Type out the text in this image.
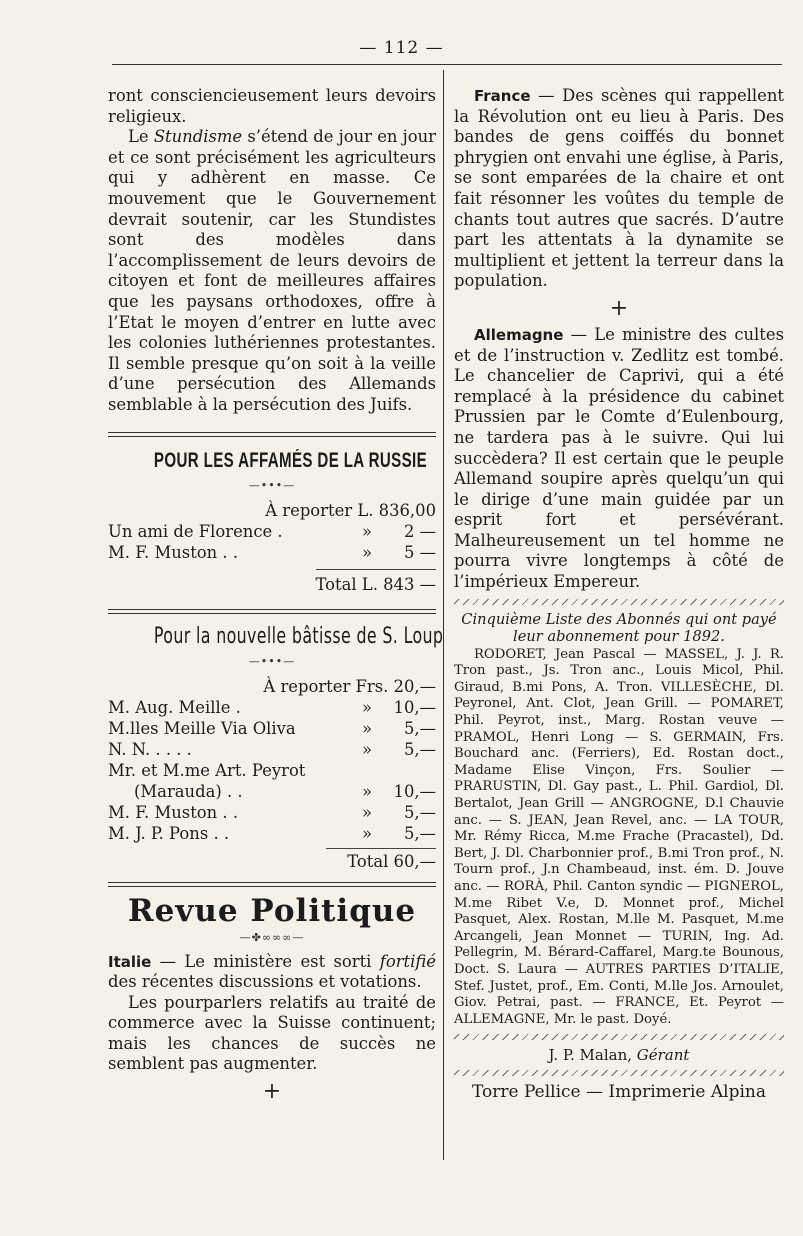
— 112 —

ront consciencieusement leurs devoirs religieux.

Le Stundisme s’étend de jour en jour et ce sont précisément les agriculteurs qui y adhèrent en masse. Ce mouvement que le Gouvernement devrait soutenir, car les Stundistes sont des modèles dans l’accomplissement de leurs devoirs de citoyen et font de meilleures affaires que les paysans orthodoxes, offre à l’Etat le moyen d’entrer en lutte avec les colonies luthériennes protestantes. Il semble presque qu’on soit à la veille d’une persécution des Allemands semblable à la persécution des Juifs.

POUR LES AFFAMÉS DE LA RUSSIE
—•••—
À reporter L. 836,00
Un ami de Florence .	»	2 —
M. F. Muston . .	»	5 —
Total L. 843 —
Pour la nouvelle bâtisse de S. Loup
—•••—
À reporter Frs. 20,—
M. Aug. Meille .	»	10,—
M.lles Meille Via Oliva	»	5,—
N. N. . . . .	»	5,—
Mr. et M.me Art. Peyrot
(Marauda) . .	»	10,—
M. F. Muston . .	»	5,—
M. J. P. Pons . .	»	5,—
Total 60,—
Revue Politique
—✤∞∞∞—

Italie — Le ministère est sorti fortifié des récentes discussions et votations.

Les pourparlers relatifs au traité de commerce avec la Suisse continuent; mais les chances de succès ne semblent pas augmenter.

+

France — Des scènes qui rappellent la Révolution ont eu lieu à Paris. Des bandes de gens coiffés du bonnet phrygien ont envahi une église, à Paris, se sont emparées de la chaire et ont fait résonner les voûtes du temple de chants tout autres que sacrés. D’autre part les attentats à la dynamite se multiplient et jettent la terreur dans la population.

+

Allemagne — Le ministre des cultes et de l’instruction v. Zedlitz est tombé. Le chancelier de Caprivi, qui a été remplacé à la présidence du cabinet Prussien par le Comte d’Eulenbourg, ne tardera pas à le suivre. Qui lui succèdera? Il est certain que le peuple Allemand soupire après quelqu’un qui le dirige d’une main guidée par un esprit fort et persévérant. Malheureusement un tel homme ne pourra vivre longtemps à côté de l’impérieux Empereur.

Cinquième Liste des Abonnés qui ont payé leur abonnement pour 1892.

RODORET, Jean Pascal — MASSEL, J. J. R. Tron past., Js. Tron anc., Louis Micol, Phil. Giraud, B.mi Pons, A. Tron. VILLESÈCHE, Dl. Peyronel, Ant. Clot, Jean Grill. — POMARET, Phil. Peyrot, inst., Marg. Rostan veuve — PRAMOL, Henri Long — S. GERMAIN, Frs. Bouchard anc. (Ferriers), Ed. Rostan doct., Madame Elise Vinçon, Frs. Soulier — PRARUSTIN, Dl. Gay past., L. Phil. Gardiol, Dl. Bertalot, Jean Grill — ANGROGNE, D.l Chauvie anc. — S. JEAN, Jean Revel, anc. — LA TOUR, Mr. Rémy Ricca, M.me Frache (Pracastel), Dd. Bert, J. Dl. Charbonnier prof., B.mi Tron prof., N. Tourn prof., J.n Chambeaud, inst. ém. D. Jouve anc. — RORÀ, Phil. Canton syndic — PIGNEROL, M.me Ribet V.e, D. Monnet prof., Michel Pasquet, Alex. Rostan, M.lle M. Pasquet, M.me Arcangeli, Jean Monnet — TURIN, Ing. Ad. Pellegrin, M. Bérard-Caffarel, Marg.te Bounous, Doct. S. Laura — AUTRES PARTIES D’ITALIE, Stef. Justet, prof., Em. Conti, M.lle Jos. Arnoulet, Giov. Petrai, past. — FRANCE, Et. Peyrot — ALLEMAGNE, Mr. le past. Doyé.

J. P. Malan, Gérant
Torre Pellice — Imprimerie Alpina
